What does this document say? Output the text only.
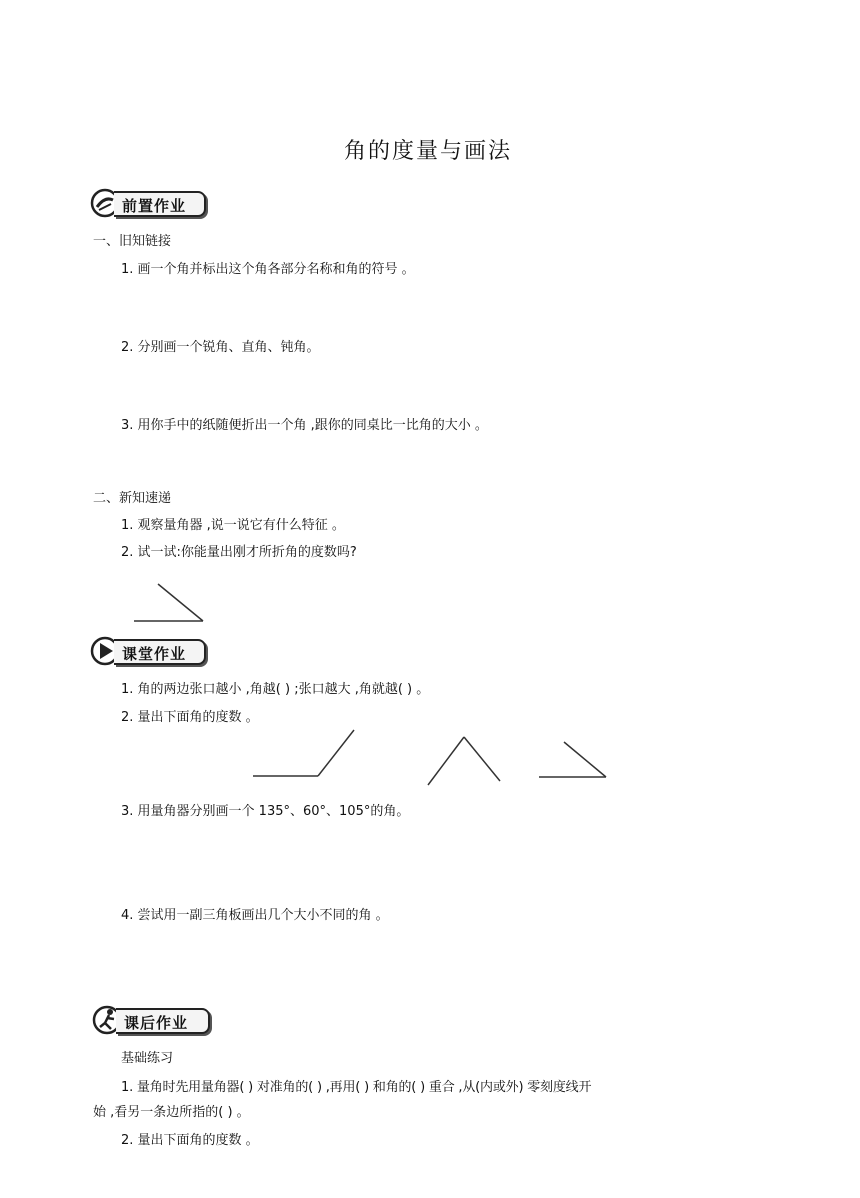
角的度量与画法
前置作业
一、旧知链接
1. 画一个角并标出这个角各部分名称和角的符号 。
2. 分别画一个锐角、直角、钝角。
3. 用你手中的纸随便折出一个角 ,跟你的同桌比一比角的大小 。
二、新知速递
1. 观察量角器 ,说一说它有什么特征 。
2. 试一试:你能量出刚才所折角的度数吗?
课堂作业
1. 角的两边张口越小 ,角越( ) ;张口越大 ,角就越( ) 。
2. 量出下面角的度数 。
3. 用量角器分别画一个 135°、60°、105°的角。
4. 尝试用一副三角板画出几个大小不同的角 。
课后作业
基础练习
1. 量角时先用量角器( ) 对准角的( ) ,再用( ) 和角的( ) 重合 ,从(内或外) 零刻度线开
始 ,看另一条边所指的( ) 。
2. 量出下面角的度数 。
